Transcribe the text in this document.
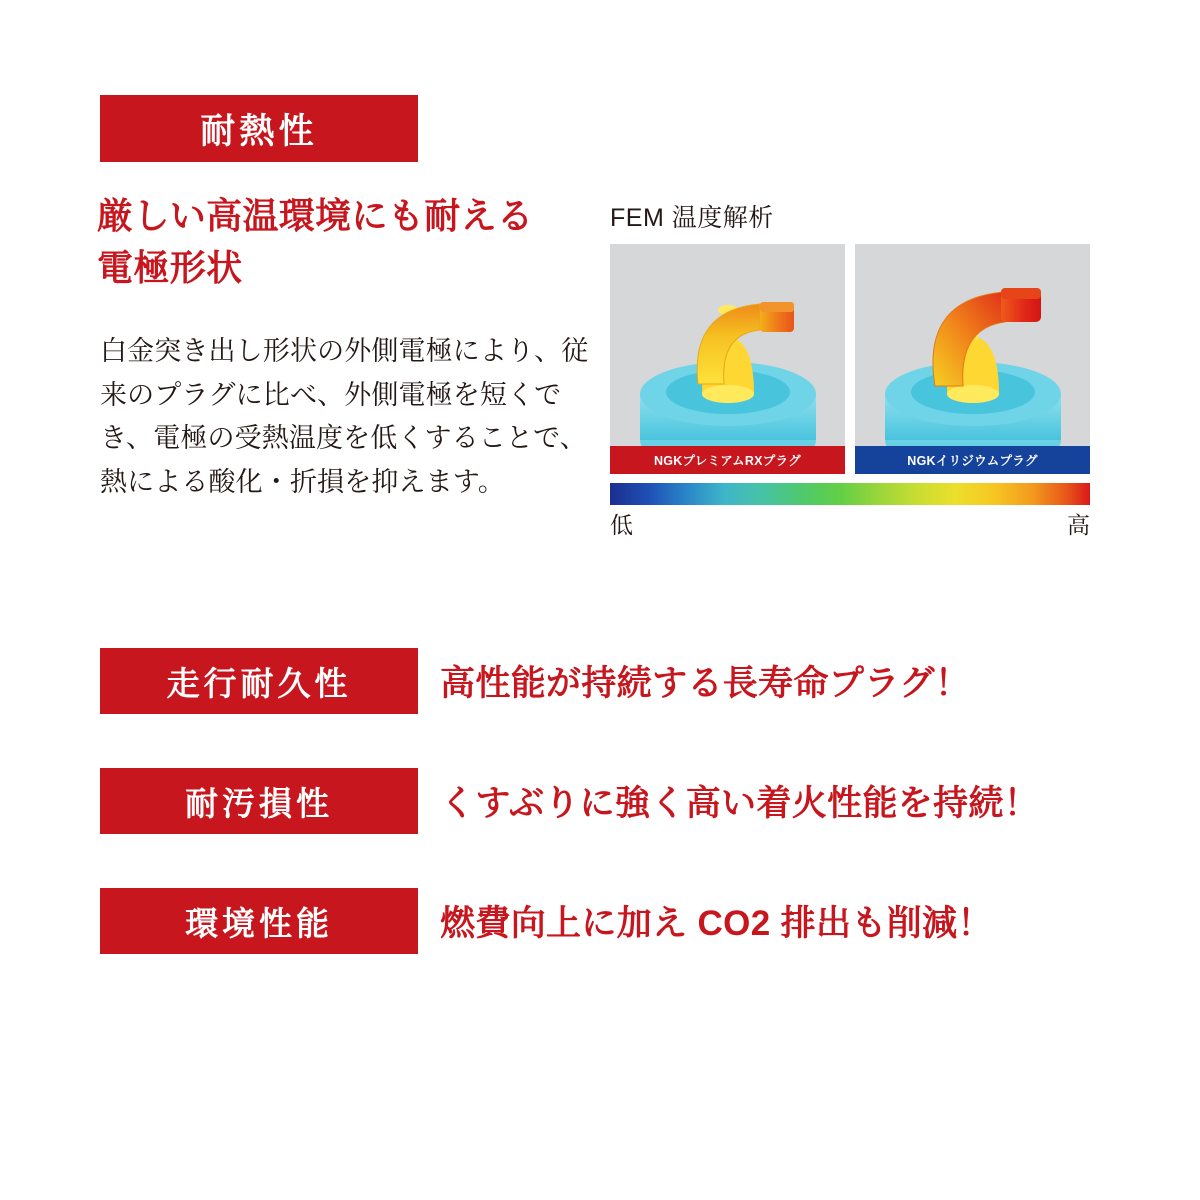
耐熱性
厳しい高温環境にも耐える
電極形状
白金突き出し形状の外側電極により、従来のプラグに比べ、外側電極を短くでき、電極の受熱温度を低くすることで、熱による酸化・折損を抑えます。
FEM 温度解析
NGKプレミアムRXプラグ	NGKイリジウムプラグ
低	高
走行耐久性	高性能が持続する長寿命プラグ！
耐汚損性	くすぶりに強く高い着火性能を持続！
環境性能	燃費向上に加え CO2 排出も削減！
